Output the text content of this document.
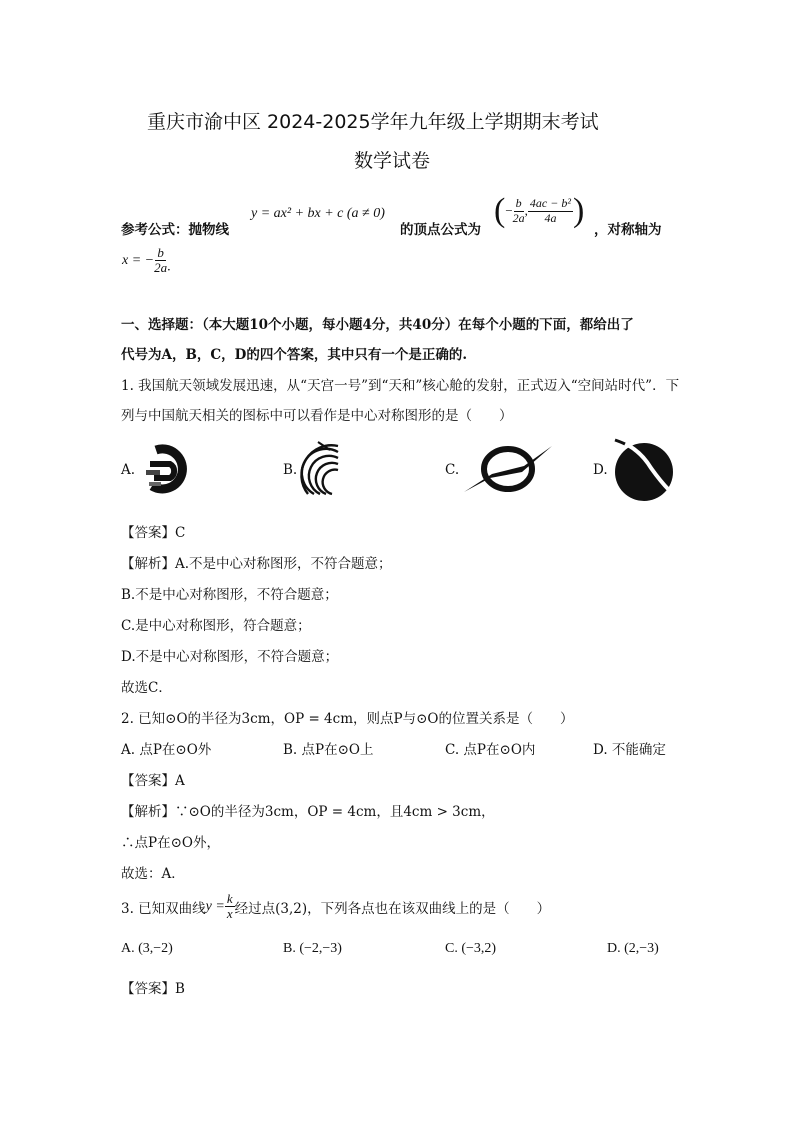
重庆市渝中区 2024-2025学年九年级上学期期末考试
数学试卷
参考公式：抛物线
y = ax² + bx + c (a ≠ 0)
的顶点公式为
(− $\frac{b}{2a}$ , $\frac{\text{4ac − b²}}{4a}$ )
，对称轴为
x = − $\frac{b}{2a}$ .
一、选择题：（本大题10个小题，每小题4分，共40分）在每个小题的下面，都给出了
代号为A，B，C，D的四个答案，其中只有一个是正确的.
1. 我国航天领域发展迅速，从“天宫一号”到“天和”核心舱的发射，正式迈入“空间站时代”．下
列与中国航天相关的图标中可以看作是中心对称图形的是（　　）
A.	B.	C.	D.
【答案】C
【解析】A.不是中心对称图形，不符合题意；
B.不是中心对称图形，不符合题意；
C.是中心对称图形，符合题意；
D.不是中心对称图形，不符合题意；
故选C．
2. 已知⊙O的半径为3cm，OP = 4cm，则点P与⊙O的位置关系是（　　）
A. 点P在⊙O外	B. 点P在⊙O上	C. 点P在⊙O内	D. 不能确定
【答案】A
【解析】∵⊙O的半径为3cm，OP = 4cm，且4cm > 3cm，
∴点P在⊙O外，
故选：A．
3. 已知双曲线$y = \frac{k}{x}$ 经过点(3,2)，下列各点也在该双曲线上的是（　　）
A. (3,−2)	B. (−2,−3)	C. (−3,2)	D. (2,−3)
【答案】B
